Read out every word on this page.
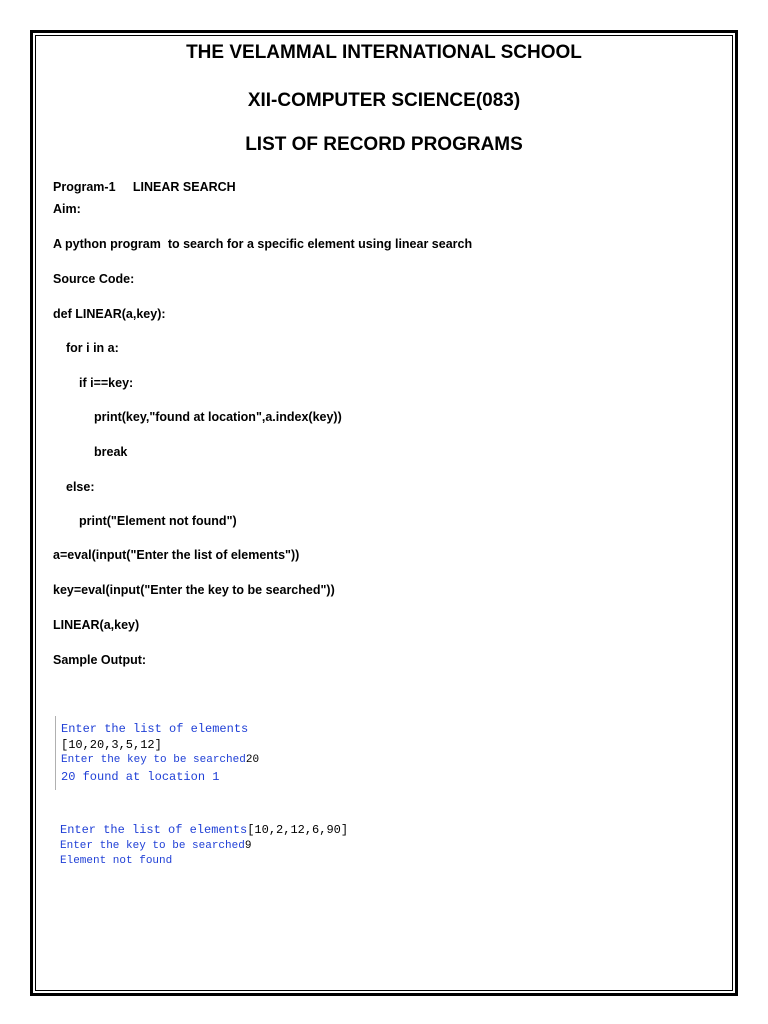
THE VELAMMAL INTERNATIONAL SCHOOL
XII-COMPUTER SCIENCE(083)
LIST OF RECORD PROGRAMS
Program-1 LINEAR SEARCH
Aim:
A python program  to search for a specific element using linear search
Source Code:
def LINEAR(a,key):
for i in a:
if i==key:
print(key,"found at location",a.index(key))
break
else:
print("Element not found")
a=eval(input("Enter the list of elements"))
key=eval(input("Enter the key to be searched"))
LINEAR(a,key)
Sample Output:
Enter the list of elements
[10,20,3,5,12]
Enter the key to be searched20
20 found at location 1
Enter the list of elements[10,2,12,6,90]
Enter the key to be searched9
Element not found
